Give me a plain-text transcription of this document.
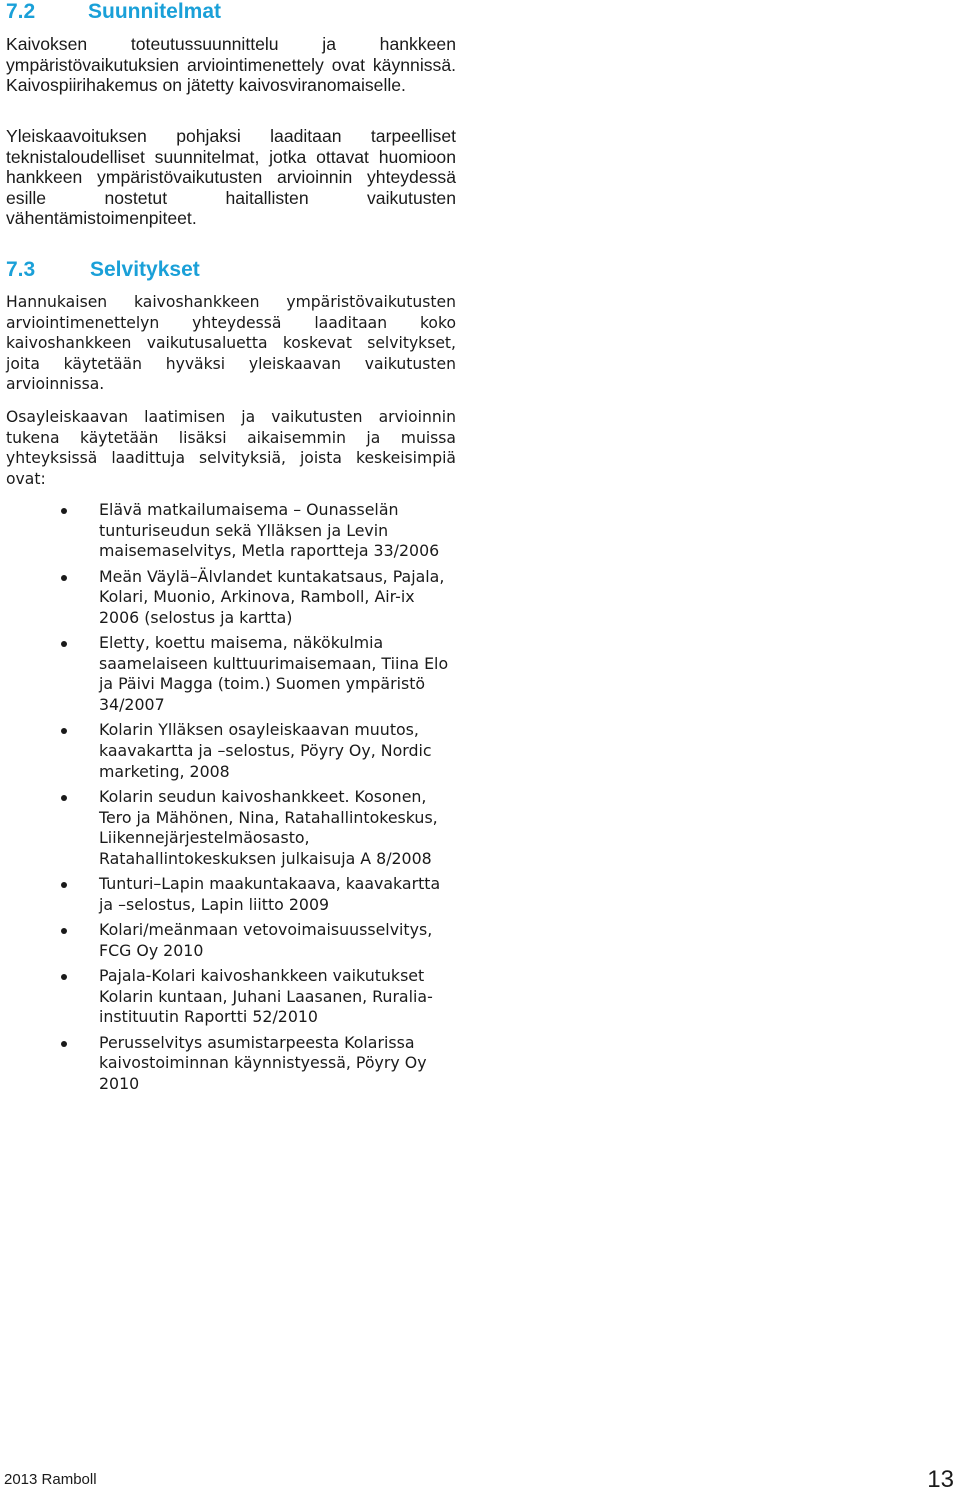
7.2	Suunnitelmat

Kaivoksen toteutussuunnittelu ja hankkeen ympäristövaikutuksien arviointimenettely ovat käynnissä. Kaivospiirihakemus on jätetty kaivosviranomaiselle.

Yleiskaavoituksen pohjaksi laaditaan tarpeelliset teknistaloudelliset suunnitelmat, jotka ottavat huomioon hankkeen ympäristövaikutusten arvioinnin yhteydessä esille nostetut haitallisten vaikutusten vähentämistoimenpiteet.

7.3	Selvitykset

Hannukaisen kaivoshankkeen ympäristövaikutusten arviointimenettelyn yhteydessä laaditaan koko kaivoshankkeen vaikutusaluetta koskevat selvitykset, joita käytetään hyväksi yleiskaavan vaikutusten arvioinnissa.

Osayleiskaavan laatimisen ja vaikutusten arvioinnin tukena käytetään lisäksi aikaisemmin ja muissa yhteyksissä laadittuja selvityksiä, joista keskeisimpiä ovat:

Elävä matkailumaisema – Ounasselän tunturiseudun sekä Ylläksen ja Levin maisemaselvitys, Metla raportteja 33/2006
Meän Väylä–Älvlandet kuntakatsaus, Pajala, Kolari, Muonio, Arkinova, Ramboll, Air-ix 2006 (selostus ja kartta)
Eletty, koettu maisema, näkökulmia saamelaiseen kulttuurimaisemaan, Tiina Elo ja Päivi Magga (toim.) Suomen ympäristö 34/2007
Kolarin Ylläksen osayleiskaavan muutos, kaavakartta ja –selostus, Pöyry Oy, Nordic marketing, 2008
Kolarin seudun kaivoshankkeet. Kosonen, Tero ja Mähönen, Nina, Ratahallintokeskus, Liikennejärjestelmäosasto, Ratahallintokeskuksen julkaisuja A 8/2008
Tunturi–Lapin maakuntakaava, kaavakartta ja –selostus, Lapin liitto 2009
Kolari/meänmaan vetovoimaisuusselvitys, FCG Oy 2010
Pajala-Kolari kaivoshankkeen vaikutukset Kolarin kuntaan, Juhani Laasanen, Ruralia-instituutin Raportti 52/2010
Perusselvitys asumistarpeesta Kolarissa kaivostoiminnan käynnistyessä, Pöyry Oy 2010
2013 Ramboll	13
